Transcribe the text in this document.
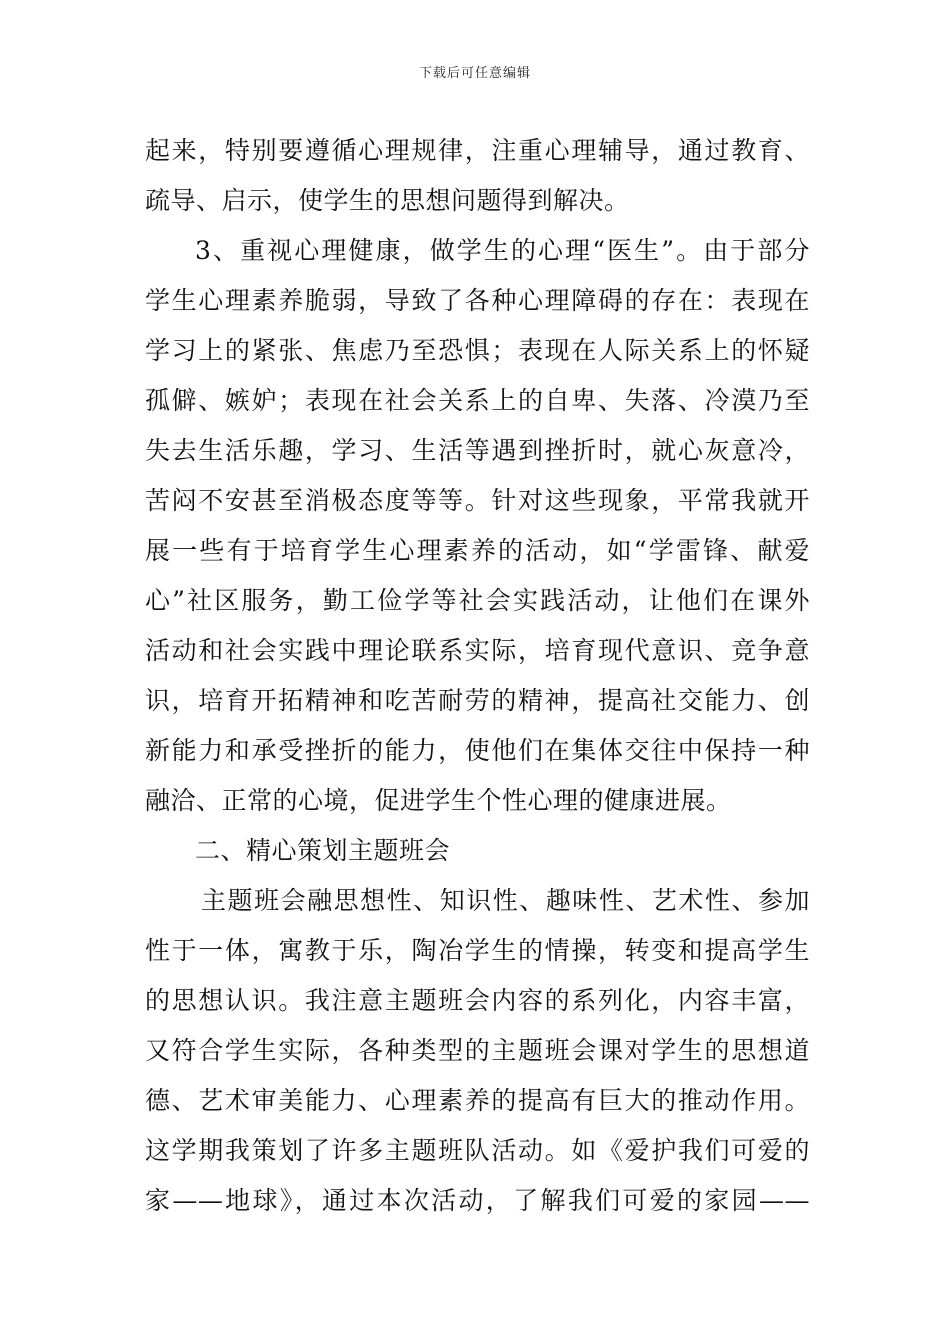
下载后可任意编辑
起来，特别要遵循心理规律，注重心理辅导，通过教育、
疏导、启示，使学生的思想问题得到解决。
3、重视心理健康，做学生的心理“医生”。由于部分
学生心理素养脆弱，导致了各种心理障碍的存在：表现在
学习上的紧张、焦虑乃至恐惧；表现在人际关系上的怀疑
孤僻、嫉妒；表现在社会关系上的自卑、失落、冷漠乃至
失去生活乐趣，学习、生活等遇到挫折时，就心灰意冷，
苦闷不安甚至消极态度等等。针对这些现象，平常我就开
展一些有于培育学生心理素养的活动，如“学雷锋、献爱
心”社区服务，勤工俭学等社会实践活动，让他们在课外
活动和社会实践中理论联系实际，培育现代意识、竞争意
识，培育开拓精神和吃苦耐劳的精神，提高社交能力、创
新能力和承受挫折的能力，使他们在集体交往中保持一种
融洽、正常的心境，促进学生个性心理的健康进展。
二、精心策划主题班会
主题班会融思想性、知识性、趣味性、艺术性、参加
性于一体，寓教于乐，陶冶学生的情操，转变和提高学生
的思想认识。我注意主题班会内容的系列化，内容丰富，
又符合学生实际，各种类型的主题班会课对学生的思想道
德、艺术审美能力、心理素养的提高有巨大的推动作用。
这学期我策划了许多主题班队活动。如《爱护我们可爱的
家——地球》，通过本次活动，了解我们可爱的家园——
